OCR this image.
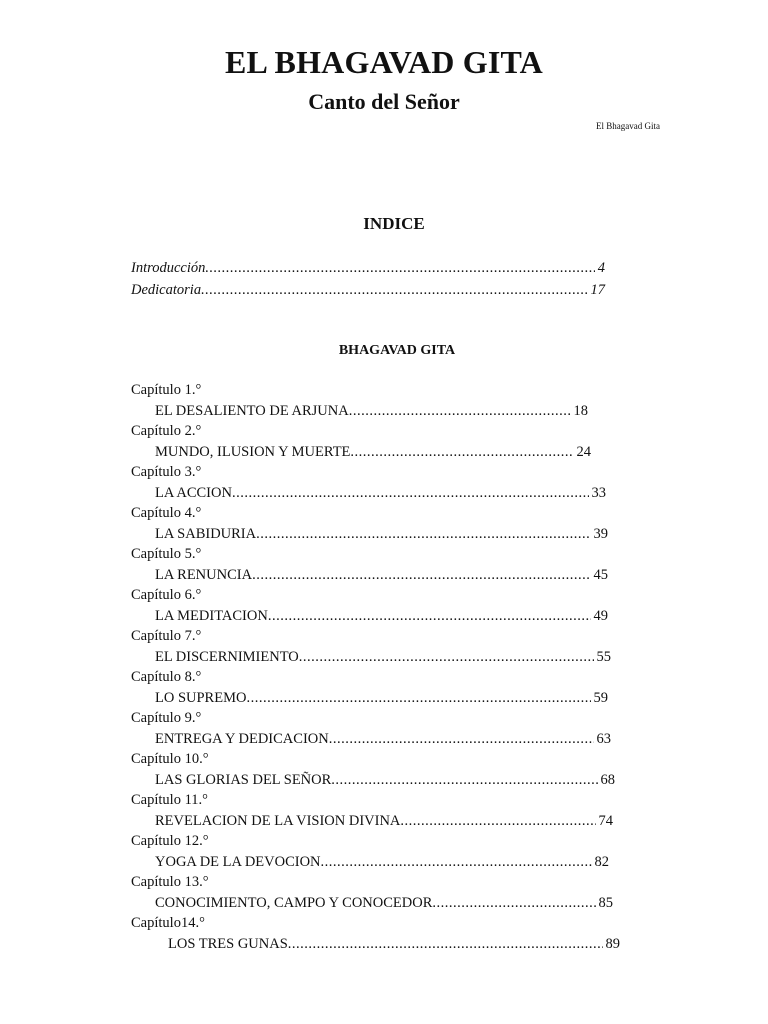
EL BHAGAVAD GITA
Canto del Señor
El Bhagavad Gita
INDICE
Introducción .....	4
Dedicatoria .....	17
BHAGAVAD GITA
Capítulo 1.°
EL DESALIENTO DE ARJUNA .....	18
Capítulo 2.°
MUNDO, ILUSION Y MUERTE .....	24
Capítulo 3.°
LA ACCION .....	33
Capítulo 4.°
LA SABIDURIA .....	39
Capítulo 5.°
LA RENUNCIA .....	45
Capítulo 6.°
LA MEDITACION .....	49
Capítulo 7.°
EL DISCERNIMIENTO .....	55
Capítulo 8.°
LO SUPREMO .....	59
Capítulo 9.°
ENTREGA Y DEDICACION .....	63
Capítulo 10.°
LAS GLORIAS DEL SEÑOR .....	68
Capítulo 11.°
REVELACION DE LA VISION DIVINA .....	74
Capítulo 12.°
YOGA DE LA DEVOCION .....	82
Capítulo 13.°
CONOCIMIENTO, CAMPO Y CONOCEDOR .....	85
Capítulo14.°
LOS TRES GUNAS .....	89
